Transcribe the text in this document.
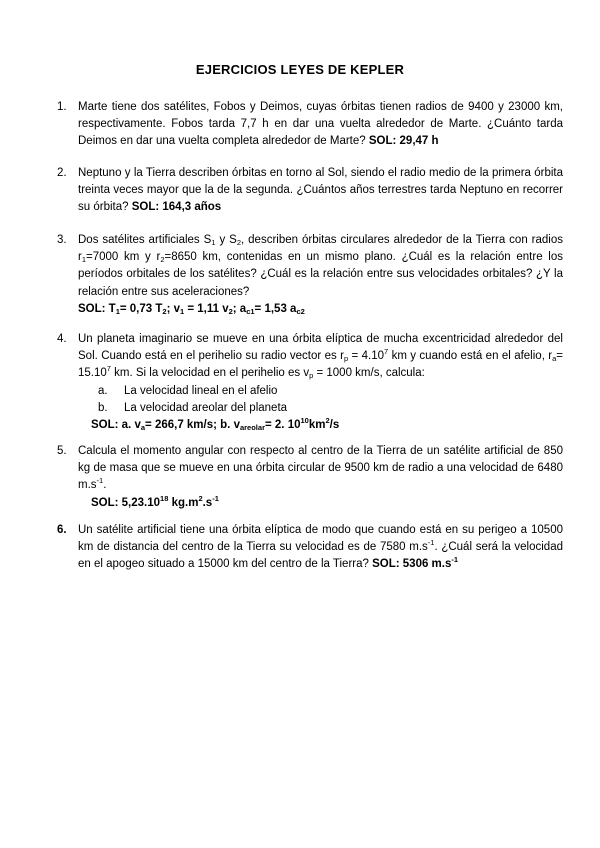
EJERCICIOS LEYES DE KEPLER
1. Marte tiene dos satélites, Fobos y Deimos, cuyas órbitas tienen radios de 9400 y 23000 km, respectivamente. Fobos tarda 7,7 h en dar una vuelta alrededor de Marte. ¿Cuánto tarda Deimos en dar una vuelta completa alrededor de Marte? SOL: 29,47 h
2. Neptuno y la Tierra describen órbitas en torno al Sol, siendo el radio medio de la primera órbita treinta veces mayor que la de la segunda. ¿Cuántos años terrestres tarda Neptuno en recorrer su órbita? SOL: 164,3 años
3. Dos satélites artificiales $S_1$ y $S_2$, describen órbitas circulares alrededor de la Tierra con radios $r_1=7000$ km y $r_2=8650$ km, contenidas en un mismo plano. ¿Cuál es la relación entre los períodos orbitales de los satélites? ¿Cuál es la relación entre sus velocidades orbitales? ¿Y la relación entre sus aceleraciones?
SOL: $T_1= 0,73$ $T_2$; $v_1 = 1,11$ $v_2$; $a_{c1}= 1,53$ $a_{c2}$
4. Un planeta imaginario se mueve en una órbita elíptica de mucha excentricidad alrededor del Sol. Cuando está en el perihelio su radio vector es $r_p = 4.10^7$ km y cuando está en el afelio, $r_a= 15.10^7$ km. Si la velocidad en el perihelio es $v_p = 1000$ km/s, calcula:
a. La velocidad lineal en el afelio
b. La velocidad areolar del planeta
SOL: a. $v_a= 266,7$ km/s; b. $v_{areolar}= 2$. $10^{10}km^2/s$
5. Calcula el momento angular con respecto al centro de la Tierra de un satélite artificial de 850 kg de masa que se mueve en una órbita circular de 9500 km de radio a una velocidad de 6480 $m.s^{-1}$.
SOL: 5,23.10$^{18}$ $kg.m^2.s^{-1}$
6. Un satélite artificial tiene una órbita elíptica de modo que cuando está en su perigeo a 10500 km de distancia del centro de la Tierra su velocidad es de 7580 $m.s^{-1}$. ¿Cuál será la velocidad en el apogeo situado a 15000 km del centro de la Tierra? SOL: 5306 $m.s^{-1}$
